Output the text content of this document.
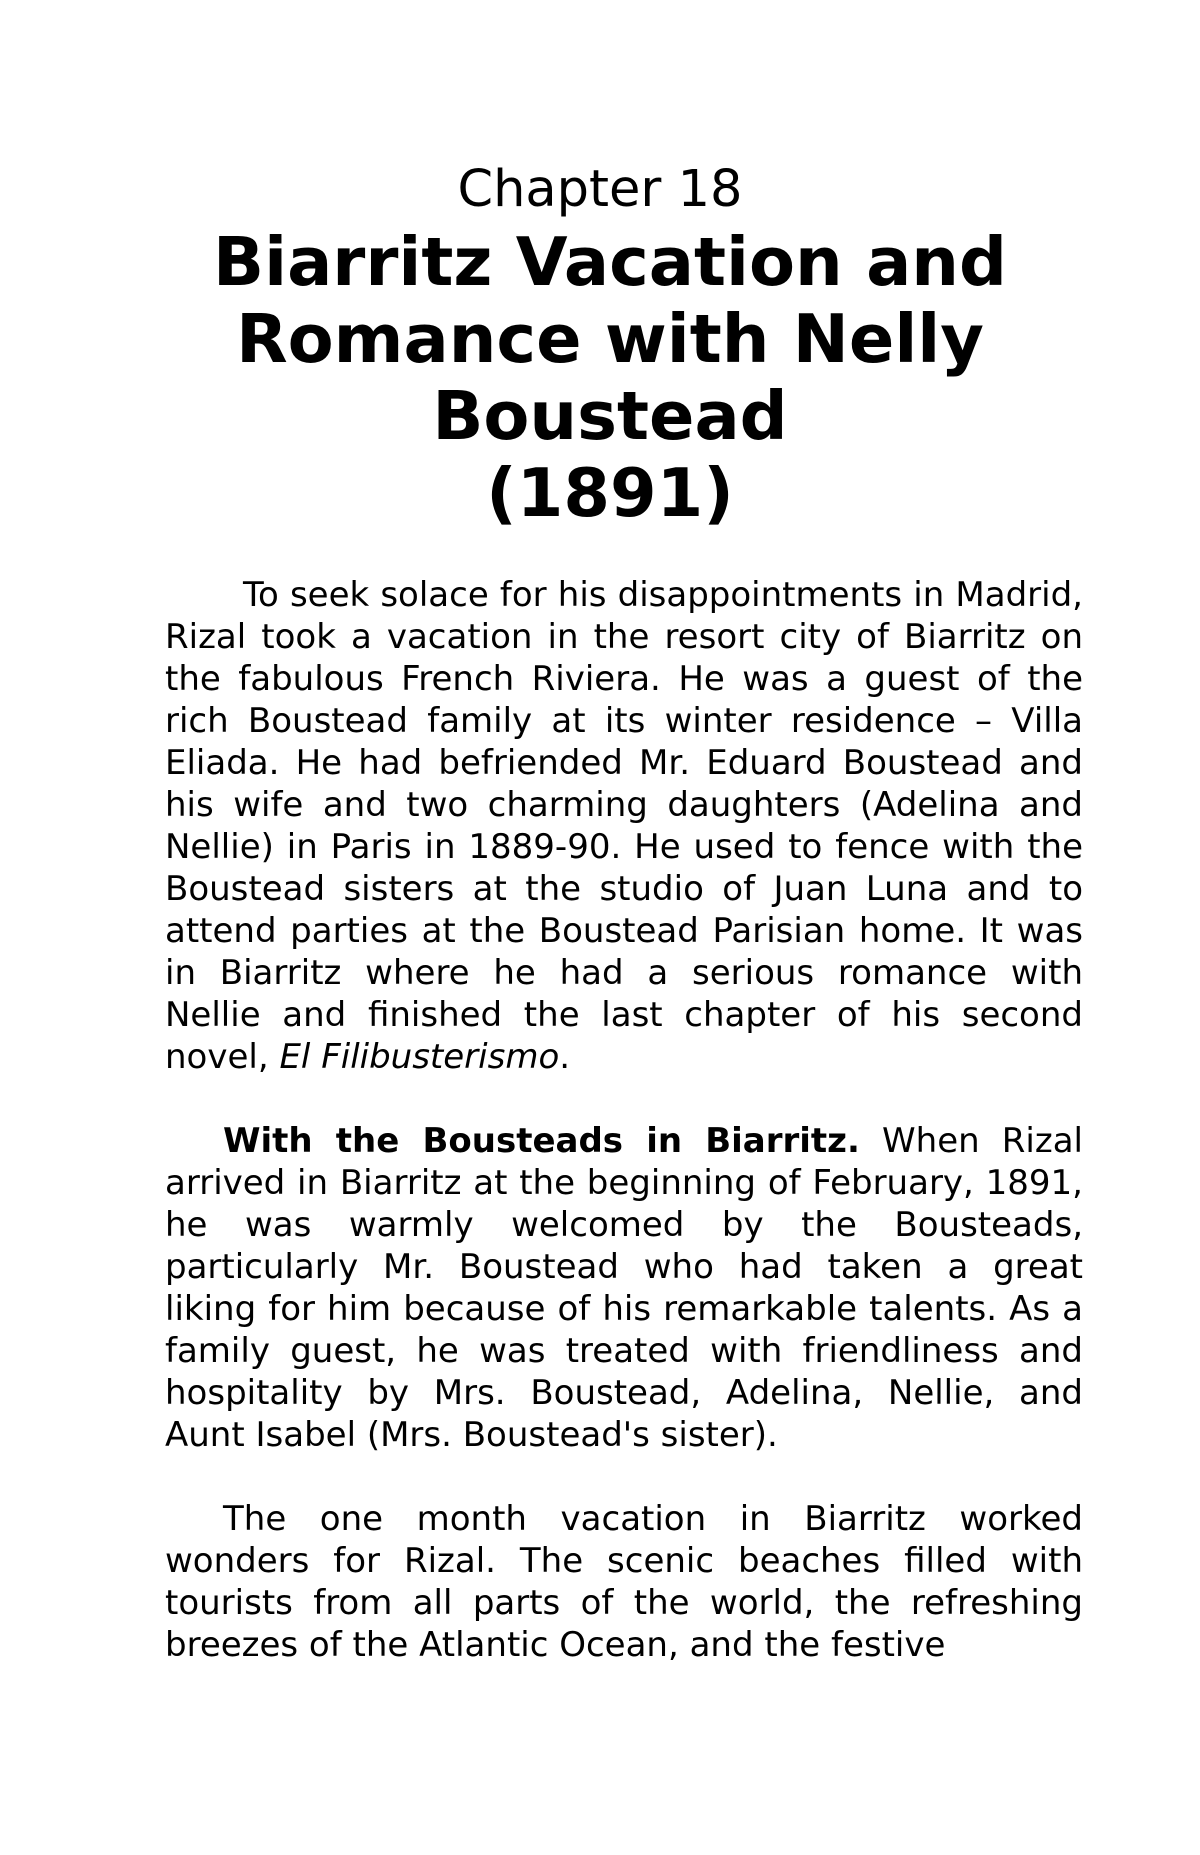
Chapter 18
Biarritz Vacation and
Romance with Nelly
Boustead
(1891)

To seek solace for his disappointments in Madrid, Rizal took a vacation in the resort city of Biarritz on the fabulous French Riviera. He was a guest of the rich Boustead family at its winter residence – Villa Eliada. He had befriended Mr. Eduard Boustead and his wife and two charming daughters (Adelina and Nellie) in Paris in 1889-90. He used to fence with the Boustead sisters at the studio of Juan Luna and to attend parties at the Boustead Parisian home. It was in Biarritz where he had a serious romance with Nellie and finished the last chapter of his second novel, El Filibusterismo.

With the Bousteads in Biarritz. When Rizal arrived in Biarritz at the beginning of February, 1891, he was warmly welcomed by the Bousteads, particularly Mr. Boustead who had taken a great liking for him because of his remarkable talents. As a family guest, he was treated with friendliness and hospitality by Mrs. Boustead, Adelina, Nellie, and Aunt Isabel (Mrs. Boustead's sister).

The one month vacation in Biarritz worked wonders for Rizal. The scenic beaches filled with tourists from all parts of the world, the refreshing breezes of the Atlantic Ocean, and the festive
